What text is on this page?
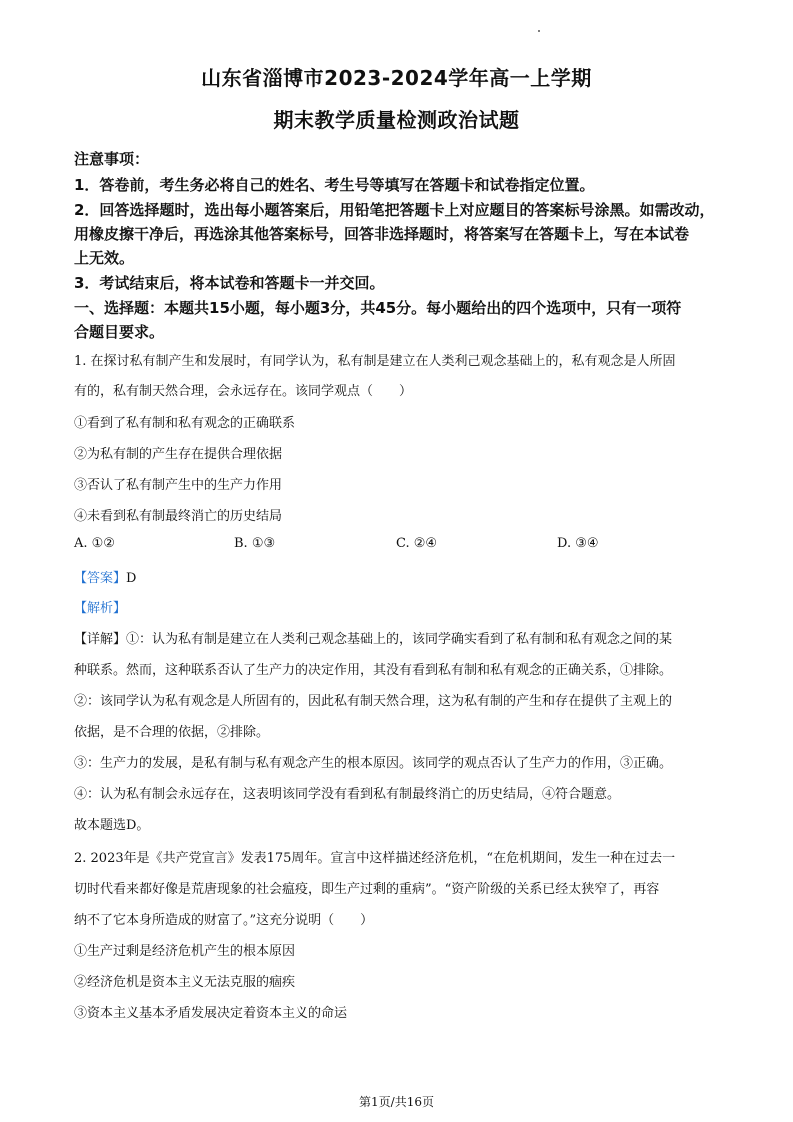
山东省淄博市2023-2024学年高一上学期
期末教学质量检测政治试题
注意事项：
1．答卷前，考生务必将自己的姓名、考生号等填写在答题卡和试卷指定位置。
2．回答选择题时，选出每小题答案后，用铅笔把答题卡上对应题目的答案标号涂黑。如需改动，
用橡皮擦干净后，再选涂其他答案标号，回答非选择题时，将答案写在答题卡上，写在本试卷
上无效。
3．考试结束后，将本试卷和答题卡一并交回。
一、选择题：本题共15小题，每小题3分，共45分。每小题给出的四个选项中，只有一项符
合题目要求。
1. 在探讨私有制产生和发展时，有同学认为，私有制是建立在人类利己观念基础上的，私有观念是人所固
有的，私有制天然合理，会永远存在。该同学观点（　　）
①看到了私有制和私有观念的正确联系
②为私有制的产生存在提供合理依据
③否认了私有制产生中的生产力作用
④未看到私有制最终消亡的历史结局
A. ①②	B. ①③	C. ②④	D. ③④
【答案】D
【解析】
【详解】①：认为私有制是建立在人类利己观念基础上的，该同学确实看到了私有制和私有观念之间的某
种联系。然而，这种联系否认了生产力的决定作用，其没有看到私有制和私有观念的正确关系，①排除。
②：该同学认为私有观念是人所固有的，因此私有制天然合理，这为私有制的产生和存在提供了主观上的
依据，是不合理的依据，②排除。
③：生产力的发展，是私有制与私有观念产生的根本原因。该同学的观点否认了生产力的作用，③正确。
④：认为私有制会永远存在，这表明该同学没有看到私有制最终消亡的历史结局，④符合题意。
故本题选D。
2. 2023年是《共产党宣言》发表175周年。宣言中这样描述经济危机，“在危机期间，发生一种在过去一
切时代看来都好像是荒唐现象的社会瘟疫，即生产过剩的重病”。“资产阶级的关系已经太狭窄了，再容
纳不了它本身所造成的财富了。”这充分说明（　　）
①生产过剩是经济危机产生的根本原因
②经济危机是资本主义无法克服的痼疾
③资本主义基本矛盾发展决定着资本主义的命运
第1页/共16页
